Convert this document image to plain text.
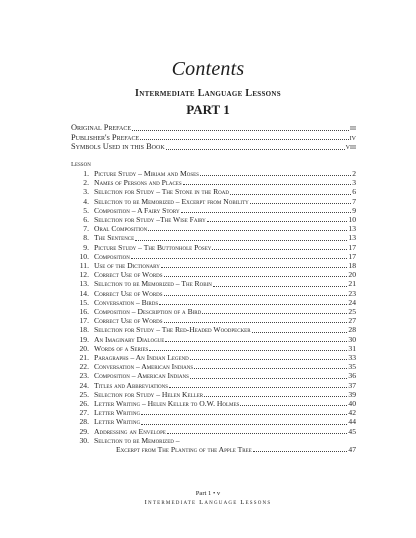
Contents
Intermediate Language Lessons
PART 1
Original Preface	iii
Publisher's Preface	iv
Symbols Used in this Book	viii
Lesson
1. Picture Study – Miriam and Moses	2
2. Names of Persons and Places	3
3. Selection for Study – The Stone in the Road	6
4. Selection to be Memorized – Excerpt from Nobility	7
5. Composition – A Fairy Story	9
6. Selection for Study –The Wise Fairy	10
7. Oral Composition	13
8. The Sentence	13
9. Picture Study – The Buttonhole Posey	17
10. Composition	17
11. Use of the Dictionary	18
12. Correct Use of Words	20
13. Selection to be Memorized – The Robin	21
14. Correct Use of Words	23
15. Conversation – Birds	24
16. Composition – Description of a Bird	25
17. Correct Use of Words	27
18. Selection for Study – The Red-Headed Woodpecker	28
19. An Imaginary Dialogue	30
20. Words of a Series	31
21. Paragraphs – An Indian Legend	33
22. Conversation – American Indians	35
23. Composition – American Indians	36
24. Titles and Abbreviations	37
25. Selection for Study – Helen Keller	39
26. Letter Writing – Helen Keller to O.W. Holmes	40
27. Letter Writing	42
28. Letter Writing	44
29. Addressing an Envelope	45
30. Selection to be Memorized –
Excerpt from The Planting of the Apple Tree	47
Part 1 • v
Intermediate Language Lessons
